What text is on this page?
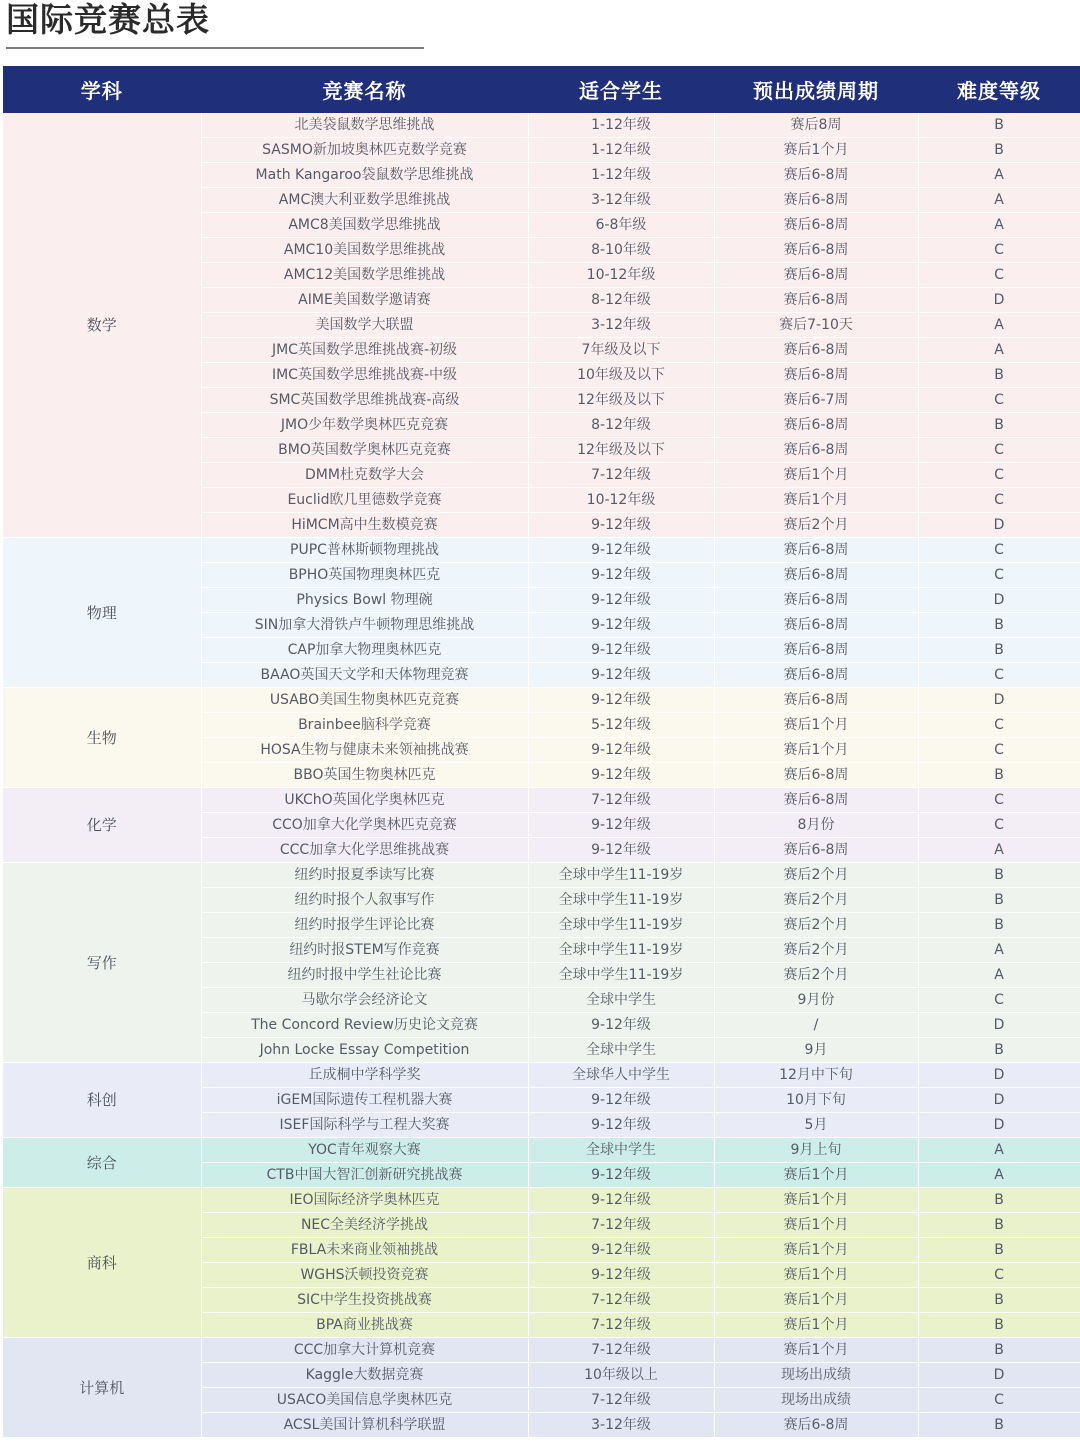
国际竞赛总表
学科	竞赛名称	适合学生	预出成绩周期	难度等级
数学	北美袋鼠数学思维挑战	1-12年级	赛后8周	B
	SASMO新加坡奥林匹克数学竞赛	1-12年级	赛后1个月	B
	Math Kangaroo袋鼠数学思维挑战	1-12年级	赛后6-8周	A
	AMC澳大利亚数学思维挑战	3-12年级	赛后6-8周	A
	AMC8美国数学思维挑战	6-8年级	赛后6-8周	A
	AMC10美国数学思维挑战	8-10年级	赛后6-8周	C
	AMC12美国数学思维挑战	10-12年级	赛后6-8周	C
	AIME美国数学邀请赛	8-12年级	赛后6-8周	D
	美国数学大联盟	3-12年级	赛后7-10天	A
	JMC英国数学思维挑战赛-初级	7年级及以下	赛后6-8周	A
	IMC英国数学思维挑战赛-中级	10年级及以下	赛后6-8周	B
	SMC英国数学思维挑战赛-高级	12年级及以下	赛后6-7周	C
	JMO少年数学奥林匹克竞赛	8-12年级	赛后6-8周	B
	BMO英国数学奥林匹克竞赛	12年级及以下	赛后6-8周	C
	DMM杜克数学大会	7-12年级	赛后1个月	C
	Euclid欧几里德数学竞赛	10-12年级	赛后1个月	C
	HiMCM高中生数模竞赛	9-12年级	赛后2个月	D
物理	PUPC普林斯顿物理挑战	9-12年级	赛后6-8周	C
	BPHO英国物理奥林匹克	9-12年级	赛后6-8周	C
	Physics Bowl 物理碗	9-12年级	赛后6-8周	D
	SIN加拿大滑铁卢牛顿物理思维挑战	9-12年级	赛后6-8周	B
	CAP加拿大物理奥林匹克	9-12年级	赛后6-8周	B
	BAAO英国天文学和天体物理竞赛	9-12年级	赛后6-8周	C
生物	USABO美国生物奥林匹克竞赛	9-12年级	赛后6-8周	D
	Brainbee脑科学竞赛	5-12年级	赛后1个月	C
	HOSA生物与健康未来领袖挑战赛	9-12年级	赛后1个月	C
	BBO英国生物奥林匹克	9-12年级	赛后6-8周	B
化学	UKChO英国化学奥林匹克	7-12年级	赛后6-8周	C
	CCO加拿大化学奥林匹克竞赛	9-12年级	8月份	C
	CCC加拿大化学思维挑战赛	9-12年级	赛后6-8周	A
写作	纽约时报夏季读写比赛	全球中学生11-19岁	赛后2个月	B
	纽约时报个人叙事写作	全球中学生11-19岁	赛后2个月	B
	纽约时报学生评论比赛	全球中学生11-19岁	赛后2个月	B
	纽约时报STEM写作竞赛	全球中学生11-19岁	赛后2个月	A
	纽约时报中学生社论比赛	全球中学生11-19岁	赛后2个月	A
	马歇尔学会经济论文	全球中学生	9月份	C
	The Concord Review历史论文竞赛	9-12年级	/	D
	John Locke Essay Competition	全球中学生	9月	B
科创	丘成桐中学科学奖	全球华人中学生	12月中下旬	D
	iGEM国际遗传工程机器大赛	9-12年级	10月下旬	D
	ISEF国际科学与工程大奖赛	9-12年级	5月	D
综合	YOC青年观察大赛	全球中学生	9月上旬	A
	CTB中国大智汇创新研究挑战赛	9-12年级	赛后1个月	A
商科	IEO国际经济学奥林匹克	9-12年级	赛后1个月	B
	NEC全美经济学挑战	7-12年级	赛后1个月	B
	FBLA未来商业领袖挑战	9-12年级	赛后1个月	B
	WGHS沃顿投资竞赛	9-12年级	赛后1个月	C
	SIC中学生投资挑战赛	7-12年级	赛后1个月	B
	BPA商业挑战赛	7-12年级	赛后1个月	B
计算机	CCC加拿大计算机竞赛	7-12年级	赛后1个月	B
	Kaggle大数据竞赛	10年级以上	现场出成绩	D
	USACO美国信息学奥林匹克	7-12年级	现场出成绩	C
	ACSL美国计算机科学联盟	3-12年级	赛后6-8周	B
